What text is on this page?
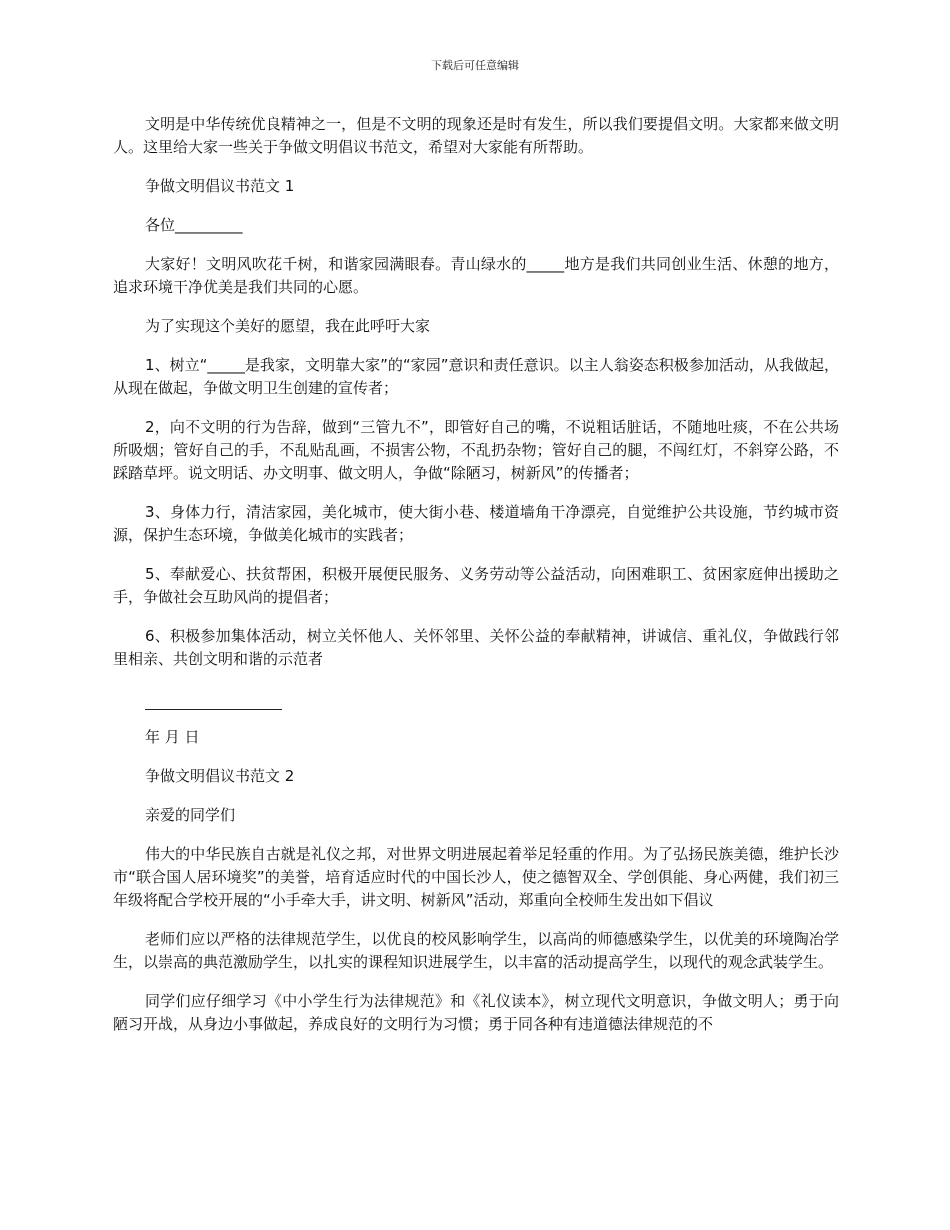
下载后可任意编辑

文明是中华传统优良精神之一，但是不文明的现象还是时有发生，所以我们要提倡文明。大家都来做文明人。这里给大家一些关于争做文明倡议书范文，希望对大家能有所帮助。

争做文明倡议书范文 1

各位_________

大家好！文明风吹花千树，和谐家园满眼春。青山绿水的_____地方是我们共同创业生活、休憩的地方，追求环境干净优美是我们共同的心愿。

为了实现这个美好的愿望，我在此呼吁大家

1、树立“_____是我家，文明靠大家”的“家园”意识和责任意识。以主人翁姿态积极参加活动，从我做起，从现在做起，争做文明卫生创建的宣传者；

2，向不文明的行为告辞，做到“三管九不”，即管好自己的嘴，不说粗话脏话，不随地吐痰，不在公共场所吸烟；管好自己的手，不乱贴乱画，不损害公物，不乱扔杂物；管好自己的腿，不闯红灯，不斜穿公路，不踩踏草坪。说文明话、办文明事、做文明人，争做“除陋习，树新风”的传播者；

3、身体力行，清洁家园，美化城市，使大街小巷、楼道墙角干净漂亮，自觉维护公共设施，节约城市资源，保护生态环境，争做美化城市的实践者；

5、奉献爱心、扶贫帮困，积极开展便民服务、义务劳动等公益活动，向困难职工、贫困家庭伸出援助之手，争做社会互助风尚的提倡者；

6、积极参加集体活动，树立关怀他人、关怀邻里、关怀公益的奉献精神，讲诚信、重礼仪，争做践行邻里相亲、共创文明和谐的示范者

年 月 日

争做文明倡议书范文 2

亲爱的同学们

伟大的中华民族自古就是礼仪之邦，对世界文明进展起着举足轻重的作用。为了弘扬民族美德，维护长沙市“联合国人居环境奖”的美誉，培育适应时代的中国长沙人，使之德智双全、学创俱能、身心两健，我们初三年级将配合学校开展的“小手牵大手，讲文明、树新风”活动，郑重向全校师生发出如下倡议

老师们应以严格的法律规范学生，以优良的校风影响学生，以高尚的师德感染学生，以优美的环境陶冶学生，以崇高的典范激励学生，以扎实的课程知识进展学生，以丰富的活动提高学生，以现代的观念武装学生。

同学们应仔细学习《中小学生行为法律规范》和《礼仪读本》，树立现代文明意识，争做文明人；勇于向陋习开战，从身边小事做起，养成良好的文明行为习惯；勇于同各种有违道德法律规范的不
